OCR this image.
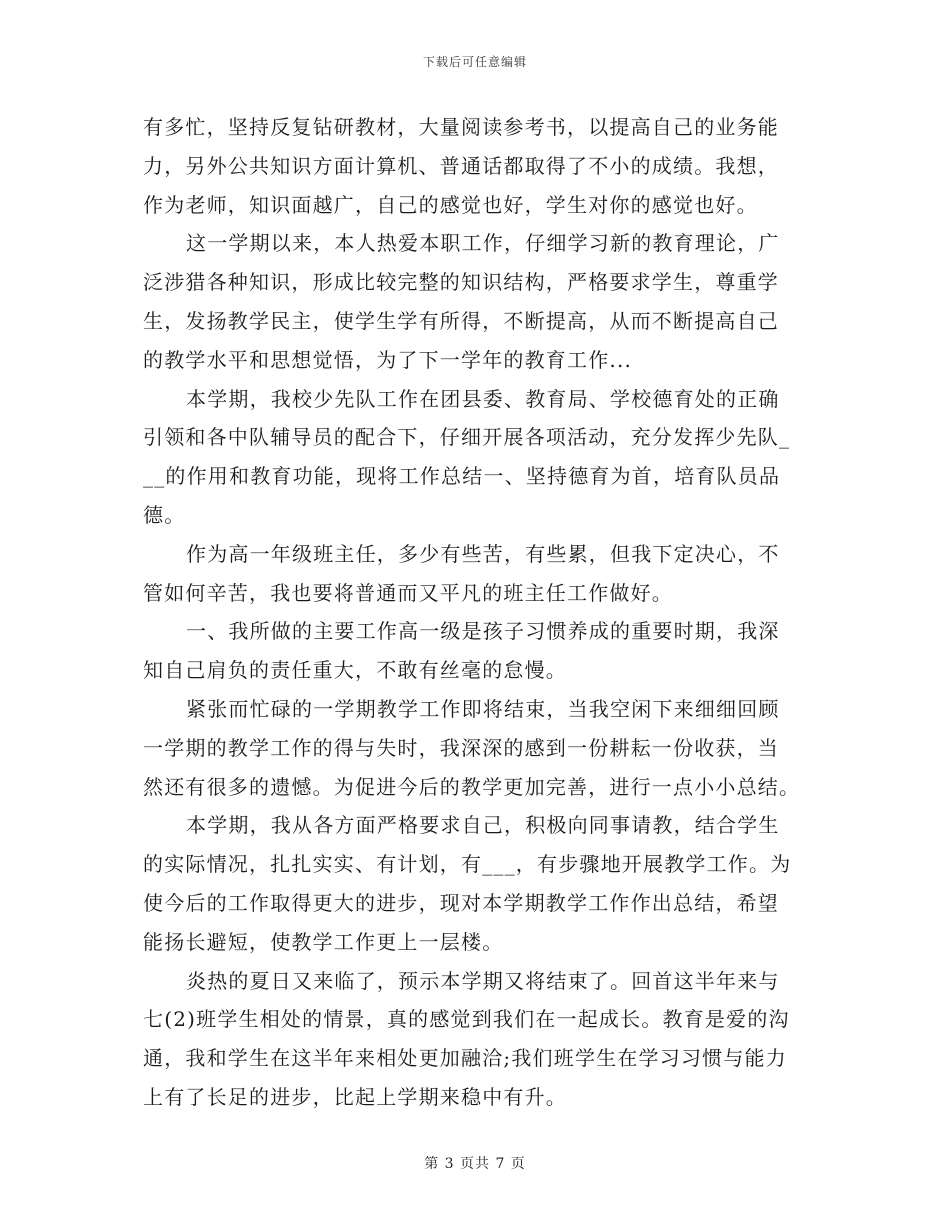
下载后可任意编辑
有多忙，坚持反复钻研教材，大量阅读参考书，以提高自己的业务能
力，另外公共知识方面计算机、普通话都取得了不小的成绩。我想，
作为老师，知识面越广，自己的感觉也好，学生对你的感觉也好。
这一学期以来，本人热爱本职工作，仔细学习新的教育理论，广
泛涉猎各种知识，形成比较完整的知识结构，严格要求学生，尊重学
生，发扬教学民主，使学生学有所得，不断提高，从而不断提高自己
的教学水平和思想觉悟，为了下一学年的教育工作...
本学期，我校少先队工作在团县委、教育局、学校德育处的正确
引领和各中队辅导员的配合下，仔细开展各项活动，充分发挥少先队_
__的作用和教育功能，现将工作总结一、坚持德育为首，培育队员品
德。
作为高一年级班主任，多少有些苦，有些累，但我下定决心，不
管如何辛苦，我也要将普通而又平凡的班主任工作做好。
一、我所做的主要工作高一级是孩子习惯养成的重要时期，我深
知自己肩负的责任重大，不敢有丝毫的怠慢。
紧张而忙碌的一学期教学工作即将结束，当我空闲下来细细回顾
一学期的教学工作的得与失时，我深深的感到一份耕耘一份收获，当
然还有很多的遗憾。为促进今后的教学更加完善，进行一点小小总结。
本学期，我从各方面严格要求自己，积极向同事请教，结合学生
的实际情况，扎扎实实、有计划，有___，有步骤地开展教学工作。为
使今后的工作取得更大的进步，现对本学期教学工作作出总结，希望
能扬长避短，使教学工作更上一层楼。
炎热的夏日又来临了，预示本学期又将结束了。回首这半年来与
七(2)班学生相处的情景，真的感觉到我们在一起成长。教育是爱的沟
通，我和学生在这半年来相处更加融洽;我们班学生在学习习惯与能力
上有了长足的进步，比起上学期来稳中有升。
第 3 页共 7 页
